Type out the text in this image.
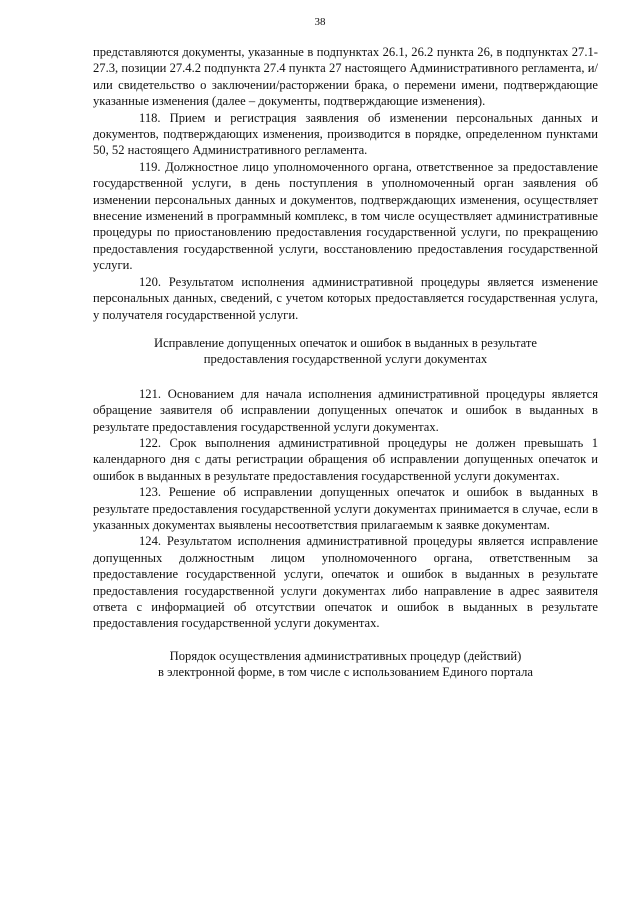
38

представляются документы, указанные в подпунктах 26.1, 26.2 пункта 26, в подпунктах 27.1-27.3, позиции 27.4.2 подпункта 27.4 пункта 27 настоящего Административного регламента, и/или свидетельство о заключении/расторжении брака, о перемени имени, подтверждающие указанные изменения (далее – документы, подтверждающие изменения).

118. Прием и регистрация заявления об изменении персональных данных и документов, подтверждающих изменения, производится в порядке, определенном пунктами 50, 52 настоящего Административного регламента.

119. Должностное лицо уполномоченного органа, ответственное за предоставление государственной услуги, в день поступления в уполномоченный орган заявления об изменении персональных данных и документов, подтверждающих изменения, осуществляет внесение изменений в программный комплекс, в том числе осуществляет административные процедуры по приостановлению предоставления государственной услуги, по прекращению предоставления государственной услуги, восстановлению предоставления государственной услуги.

120. Результатом исполнения административной процедуры является изменение персональных данных, сведений, с учетом которых предоставляется государственная услуга, у получателя государственной услуги.

Исправление допущенных опечаток и ошибок в выданных в результате
предоставления государственной услуги документах

121. Основанием для начала исполнения административной процедуры является обращение заявителя об исправлении допущенных опечаток и ошибок в выданных в результате предоставления государственной услуги документах.

122. Срок выполнения административной процедуры не должен превышать 1 календарного дня с даты регистрации обращения об исправлении допущенных опечаток и ошибок в выданных в результате предоставления государственной услуги документах.

123. Решение об исправлении допущенных опечаток и ошибок в выданных в результате предоставления государственной услуги документах принимается в случае, если в указанных документах выявлены несоответствия прилагаемым к заявке документам.

124. Результатом исполнения административной процедуры является исправление допущенных должностным лицом уполномоченного органа, ответственным за предоставление государственной услуги, опечаток и ошибок в выданных в результате предоставления государственной услуги документах либо направление в адрес заявителя ответа с информацией об отсутствии опечаток и ошибок в выданных в результате предоставления государственной услуги документах.

Порядок осуществления административных процедур (действий)
в электронной форме, в том числе с использованием Единого портала
